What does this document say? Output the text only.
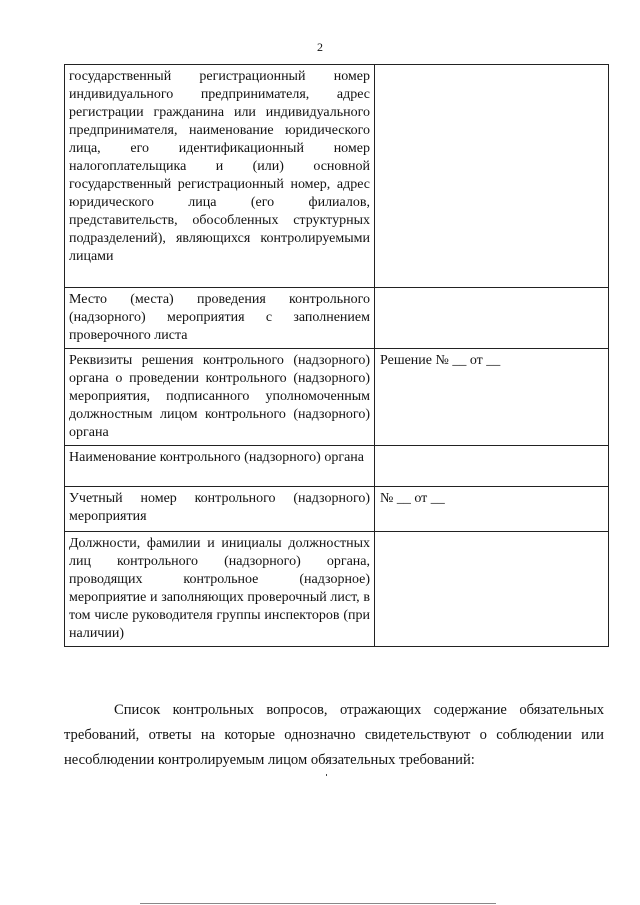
2
государственный регистрационный номер индивидуального предпринимателя, адрес регистрации гражданина или индивидуального предпринимателя, наименование юридического лица, его идентификационный номер налогоплательщика и (или) основной государственный регистрационный номер, адрес юридического лица (его филиалов, представительств, обособленных структурных подразделений), являющихся контролируемыми лицами	
Место (места) проведения контрольного (надзорного) мероприятия с заполнением проверочного листа	
Реквизиты решения контрольного (надзорного) органа о проведении контрольного (надзорного) мероприятия, подписанного уполномоченным должностным лицом контрольного (надзорного) органа	Решение № __ от __
Наименование контрольного (надзорного) органа	
Учетный номер контрольного (надзорного) мероприятия	№ __ от __
Должности, фамилии и инициалы должностных лиц контрольного (надзорного) органа, проводящих контрольное (надзорное) мероприятие и заполняющих проверочный лист, в том числе руководителя группы инспекторов (при наличии)	

Список контрольных вопросов, отражающих содержание обязательных требований, ответы на которые однозначно свидетельствуют о соблюдении или несоблюдении контролируемым лицом обязательных требований:
